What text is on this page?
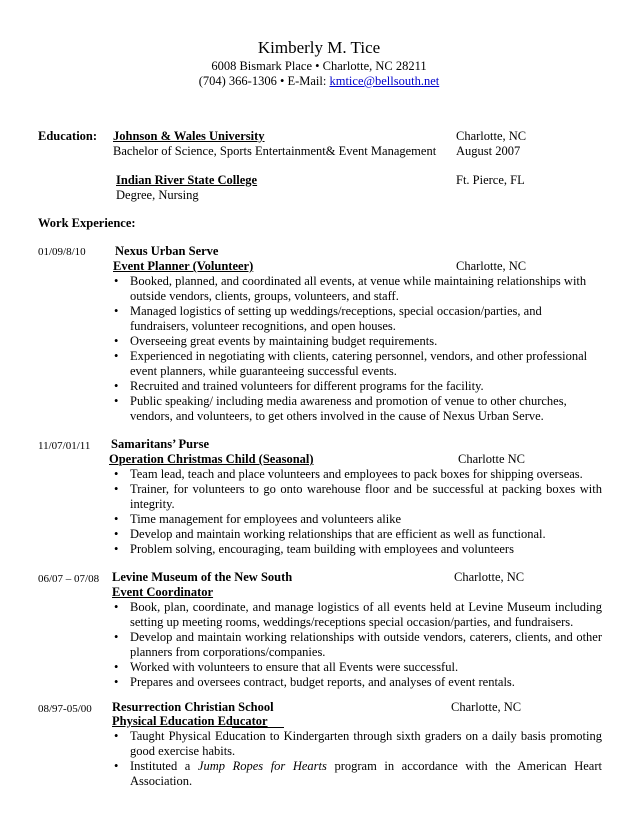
Kimberly M. Tice
6008 Bismark Place • Charlotte, NC 28211
(704) 366-1306 • E-Mail: kmtice@bellsouth.net
Education: Johnson & Wales University	Charlotte, NC
Bachelor of Science, Sports Entertainment& Event Management August 2007
Indian River State College	Ft. Pierce, FL
Degree, Nursing
Work Experience:
01/09/8/10 Nexus Urban Serve
Event Planner (Volunteer)	Charlotte, NC
• Booked, planned, and coordinated all events, at venue while maintaining relationships with outside vendors, clients, groups, volunteers, and staff.
• Managed logistics of setting up weddings/receptions, special occasion/parties, and fundraisers, volunteer recognitions, and open houses.
• Overseeing great events by maintaining budget requirements.
• Experienced in negotiating with clients, catering personnel, vendors, and other professional event planners, while guaranteeing successful events.
• Recruited and trained volunteers for different programs for the facility.
• Public speaking/ including media awareness and promotion of venue to other churches, vendors, and volunteers, to get others involved in the cause of Nexus Urban Serve.
11/07/01/11 Samaritans’ Purse
Operation Christmas Child (Seasonal)	Charlotte NC
• Team lead, teach and place volunteers and employees to pack boxes for shipping overseas.
• Trainer, for volunteers to go onto warehouse floor and be successful at packing boxes with integrity.
• Time management for employees and volunteers alike
• Develop and maintain working relationships that are efficient as well as functional.
• Problem solving, encouraging, team building with employees and volunteers
06/07 – 07/08 Levine Museum of the New South	Charlotte, NC
Event Coordinator
• Book, plan, coordinate, and manage logistics of all events held at Levine Museum including setting up meeting rooms, weddings/receptions special occasion/parties, and fundraisers.
• Develop and maintain working relationships with outside vendors, caterers, clients, and other planners from corporations/companies.
• Worked with volunteers to ensure that all Events were successful.
• Prepares and oversees contract, budget reports, and analyses of event rentals.
08/97-05/00 Resurrection Christian School	Charlotte, NC
Physical Education Educator
• Taught Physical Education to Kindergarten through sixth graders on a daily basis promoting good exercise habits.
• Instituted a Jump Ropes for Hearts program in accordance with the American Heart Association.
